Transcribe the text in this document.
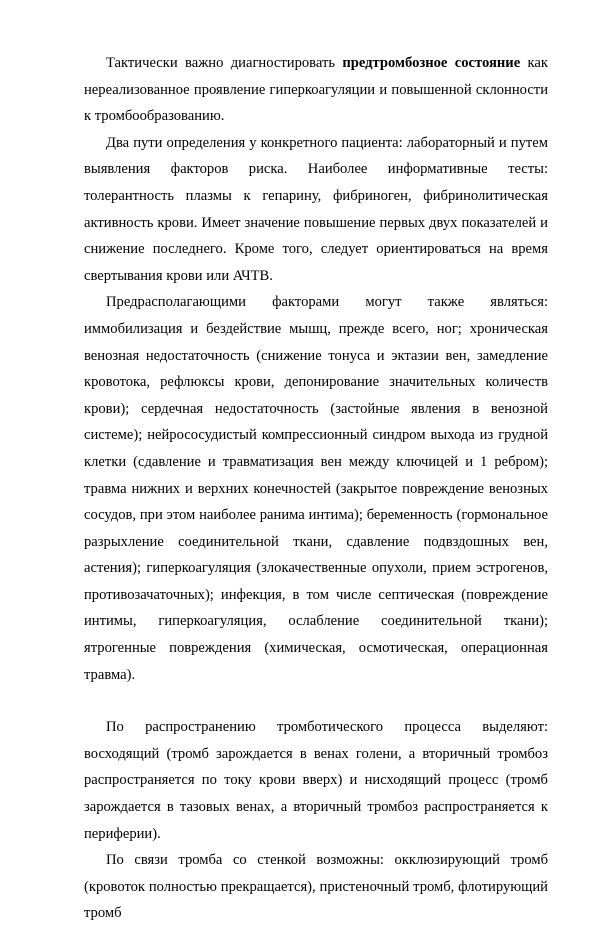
Тактически важно диагностировать предтромбозное состояние как нереализованное проявление гиперкоагуляции и повышенной склонности к тромбообразованию.

Два пути определения у конкретного пациента: лабораторный и путем выявления факторов риска. Наиболее информативные тесты: толерантность плазмы к гепарину, фибриноген, фибринолитическая активность крови. Имеет значение повышение первых двух показателей и снижение последнего. Кроме того, следует ориентироваться на время свертывания крови или АЧТВ.

Предрасполагающими факторами могут также являться: иммобилизация и бездействие мышц, прежде всего, ног; хроническая венозная недостаточность (снижение тонуса и эктазии вен, замедление кровотока, рефлюксы крови, депонирование значительных количеств крови); сердечная недостаточность (застойные явления в венозной системе); нейрососудистый компрессионный синдром выхода из грудной клетки (сдавление и травматизация вен между ключицей и 1 ребром); травма нижних и верхних конечностей (закрытое повреждение венозных сосудов, при этом наиболее ранима интима); беременность (гормональное разрыхление соединительной ткани, сдавление подвздошных вен, астения); гиперкоагуляция (злокачественные опухоли, прием эстрогенов, противозачаточных); инфекция, в том числе септическая (повреждение интимы, гиперкоагуляция, ослабление соединительной ткани); ятрогенные повреждения (химическая, осмотическая, операционная травма).

По распространению тромботического процесса выделяют: восходящий (тромб зарождается в венах голени, а вторичный тромбоз распространяется по току крови вверх) и нисходящий процесс (тромб зарождается в тазовых венах, а вторичный тромбоз распространяется к периферии).

По связи тромба со стенкой возможны: окклюзирующий тромб (кровоток полностью прекращается), пристеночный тромб, флотирующий тромб
